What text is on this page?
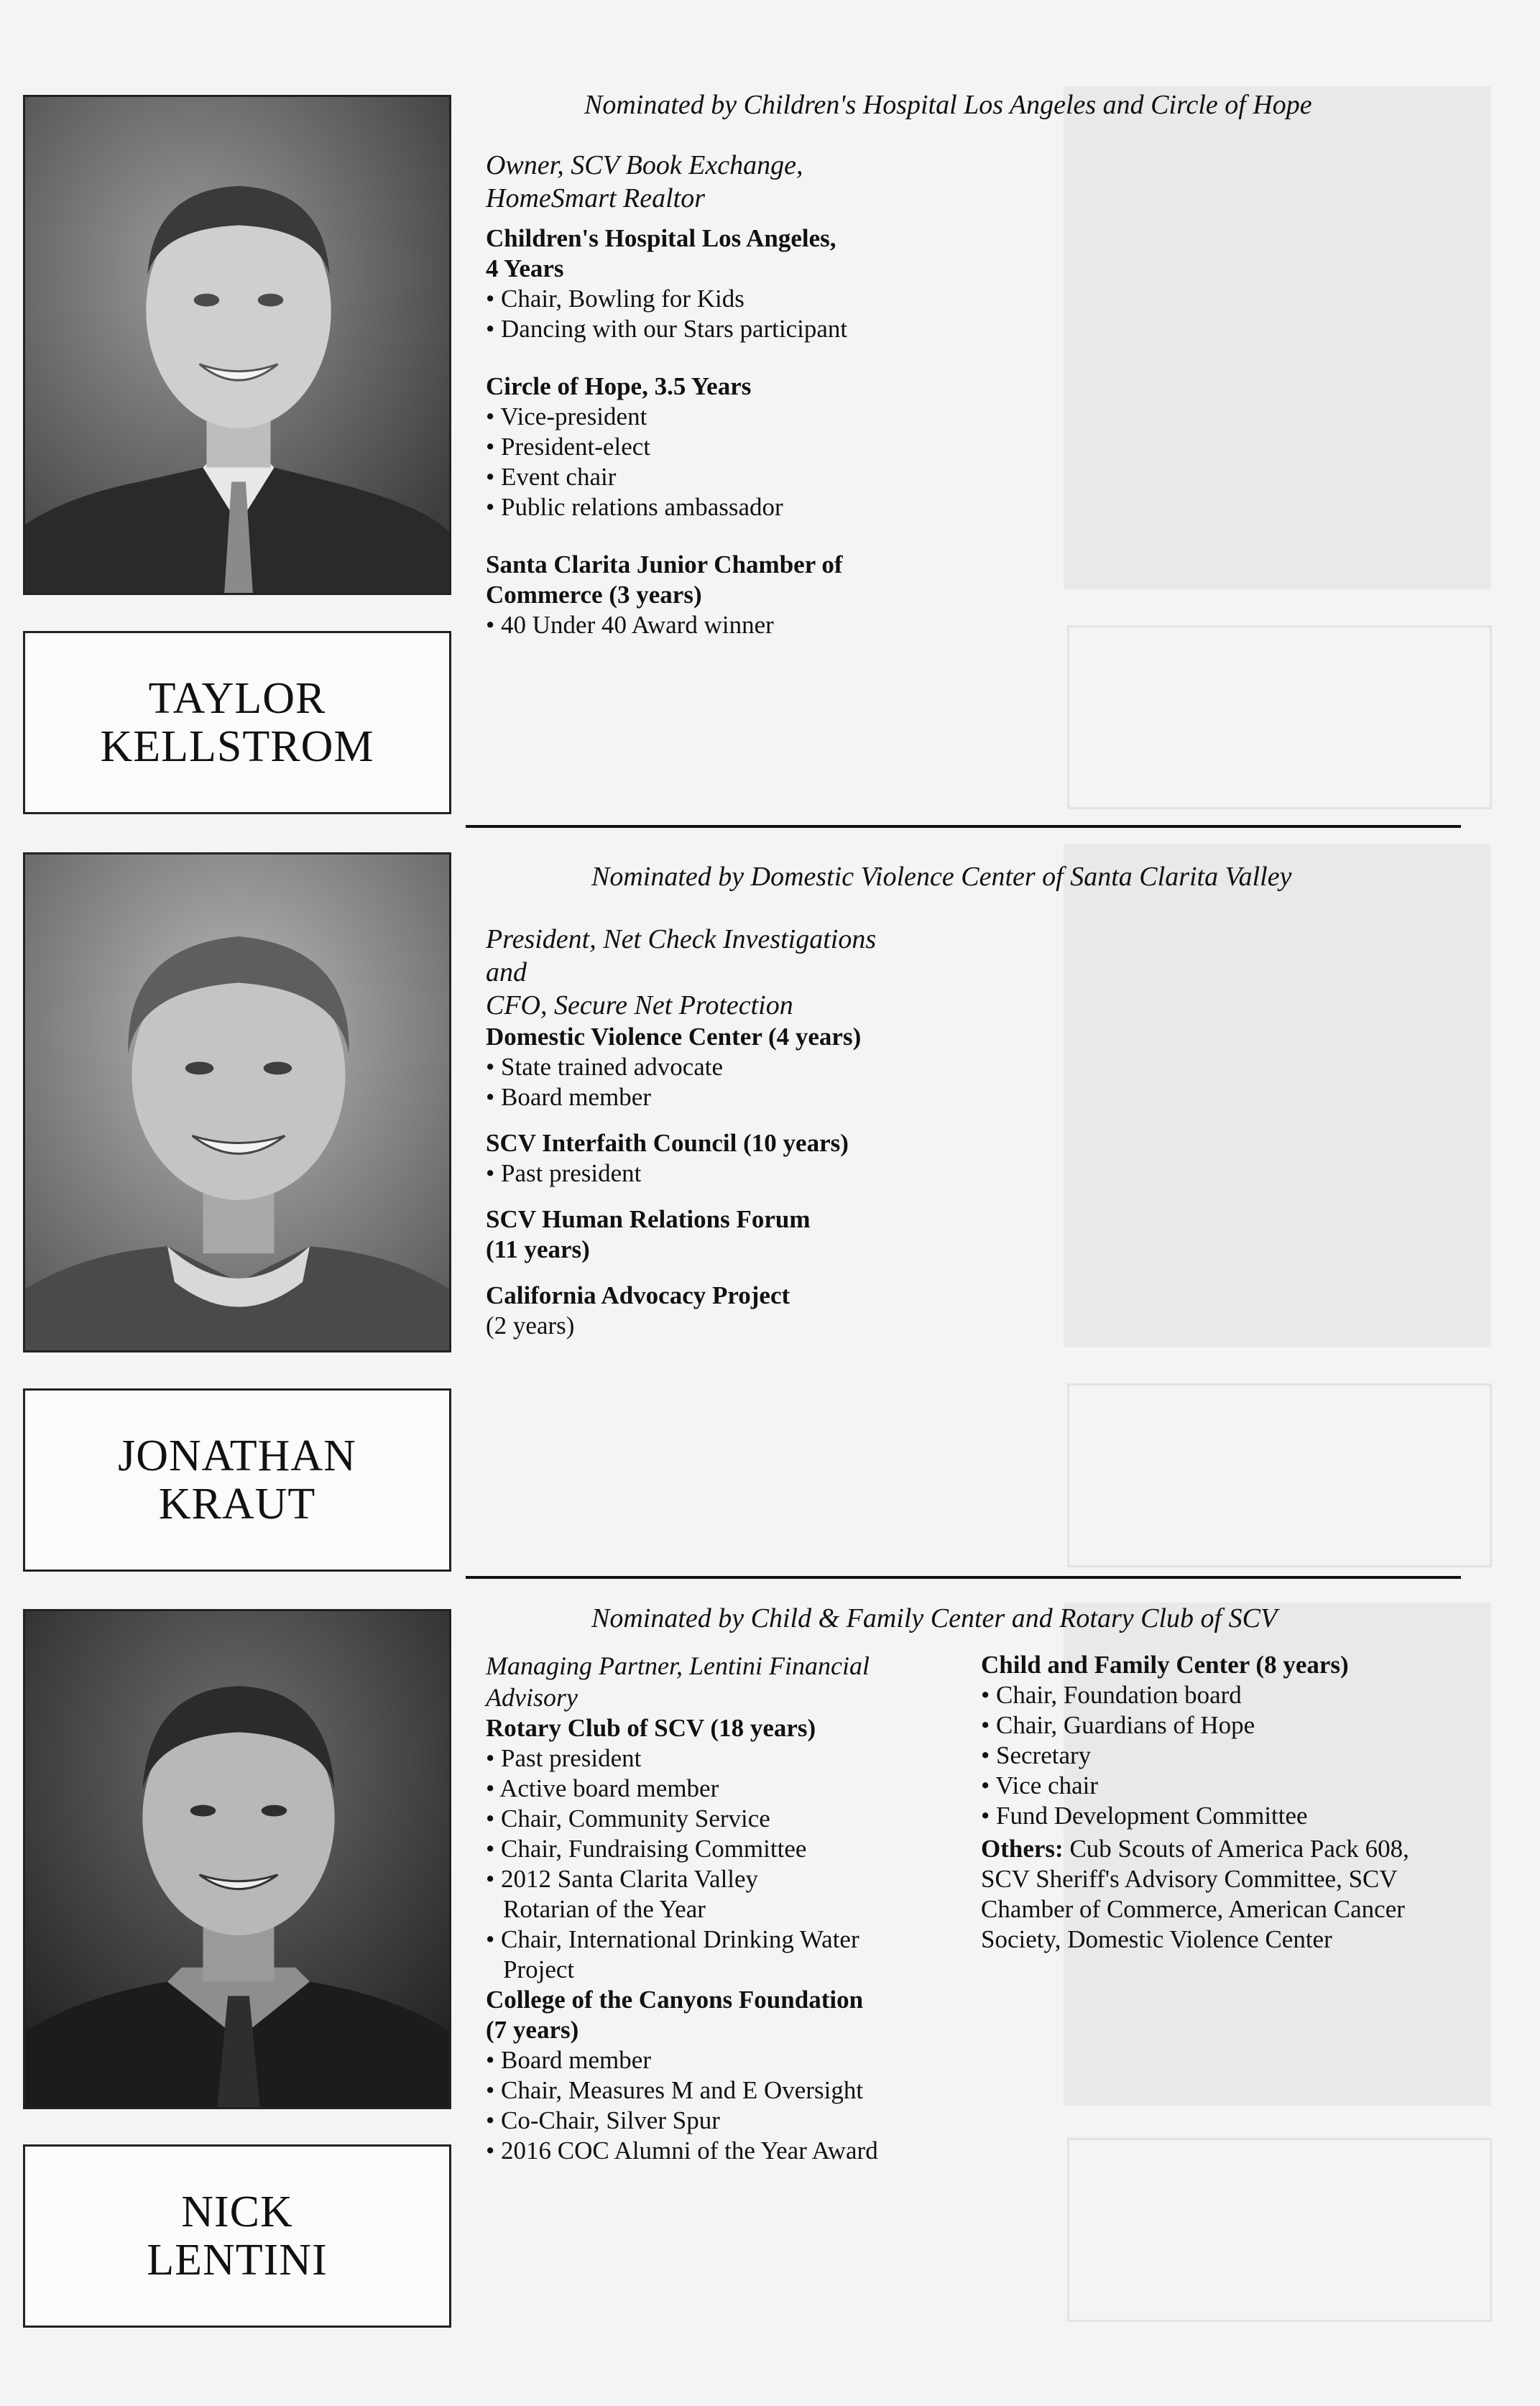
TAYLOR
KELLSTROM
Nominated by Children's Hospital Los Angeles and Circle of Hope
Owner, SCV Book Exchange,
HomeSmart Realtor
Children's Hospital Los Angeles,
4 Years
• Chair, Bowling for Kids
• Dancing with our Stars participant
Circle of Hope, 3.5 Years
• Vice-president
• President-elect
• Event chair
• Public relations ambassador
Santa Clarita Junior Chamber of
Commerce (3 years)
• 40 Under 40 Award winner
JONATHAN
KRAUT
Nominated by Domestic Violence Center of Santa Clarita Valley
President, Net Check Investigations
and
CFO, Secure Net Protection
Domestic Violence Center (4 years)
• State trained advocate
• Board member
SCV Interfaith Council (10 years)
• Past president
SCV Human Relations Forum
(11 years)
California Advocacy Project
(2 years)
NICK
LENTINI
Nominated by Child & Family Center and Rotary Club of SCV
Managing Partner, Lentini Financial
Advisory
Rotary Club of SCV (18 years)
• Past president
• Active board member
• Chair, Community Service
• Chair, Fundraising Committee
• 2012 Santa Clarita Valley Rotarian of the Year
• Chair, International Drinking Water Project
College of the Canyons Foundation
(7 years)
• Board member
• Chair, Measures M and E Oversight
• Co-Chair, Silver Spur
• 2016 COC Alumni of the Year Award
Child and Family Center (8 years)
• Chair, Foundation board
• Chair, Guardians of Hope
• Secretary
• Vice chair
• Fund Development Committee
Others: Cub Scouts of America Pack 608, SCV Sheriff's Advisory Committee, SCV Chamber of Commerce, American Cancer Society, Domestic Violence Center
